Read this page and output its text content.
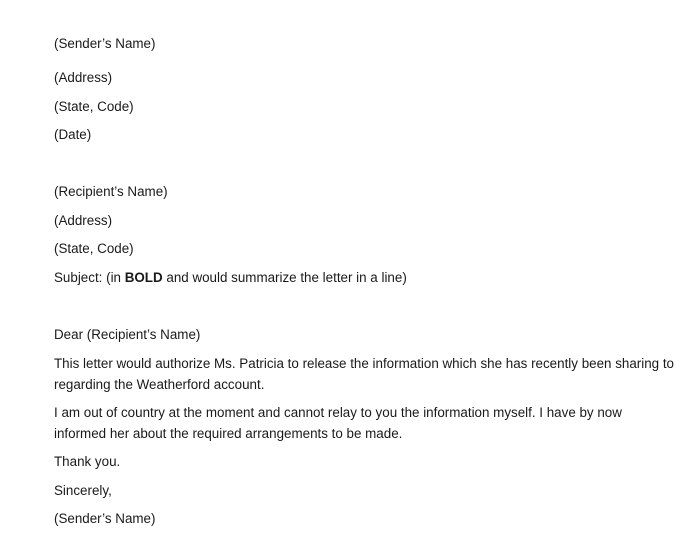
(Sender’s Name)
(Address)
(State, Code)
(Date)
(Recipient’s Name)
(Address)
(State, Code)
Subject: (in BOLD and would summarize the letter in a line)
Dear (Recipient’s Name)
This letter would authorize Ms. Patricia to release the information which she has recently been sharing to regarding the Weatherford account.
I am out of country at the moment and cannot relay to you the information myself. I have by now informed her about the required arrangements to be made.
Thank you.
Sincerely,
(Sender’s Name)
